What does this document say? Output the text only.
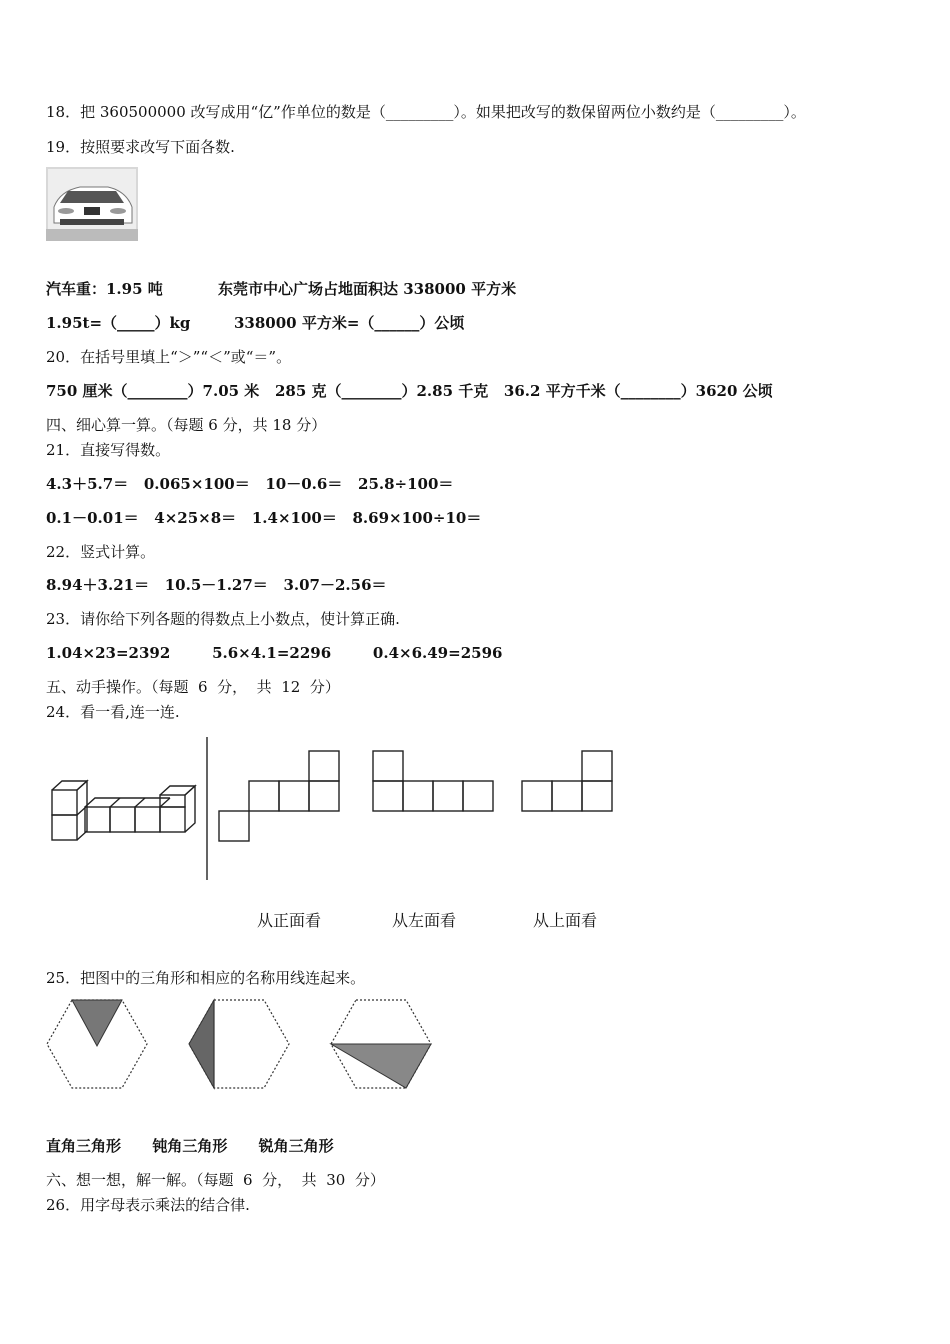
18．把 360500000 改写成用“亿”作单位的数是（_________）。如果把改写的数保留两位小数约是（_________）。
19．按照要求改写下面各数.
汽车重：1.95 吨	东莞市中心广场占地面积达 338000 平方米
1.95t=（_____）kg	338000 平方米=（______）公顷
20．在括号里填上“＞”“＜”或“＝”。
750 厘米（________）7.05 米   285 克（________）2.85 千克   36.2 平方千米（________）3620 公顷
四、细心算一算。（每题 6 分，共 18 分）
21．直接写得数。
4.3＋5.7＝   0.065×100＝   10－0.6＝   25.8÷100＝
0.1－0.01＝   4×25×8＝   1.4×100＝   8.69×100÷10＝
22．竖式计算。
8.94＋3.21＝   10.5－1.27＝   3.07－2.56＝
23．请你给下列各题的得数点上小数点，使计算正确.
1.04×23=2392        5.6×4.1=2296        0.4×6.49=2596
五、动手操作。（每题  6  分，  共  12  分）
24．看一看,连一连.
从正面看	从左面看	从上面看
25．把图中的三角形和相应的名称用线连起来。
直角三角形      钝角三角形      锐角三角形
六、想一想，解一解。（每题  6  分，  共  30  分）
26．用字母表示乘法的结合律.
